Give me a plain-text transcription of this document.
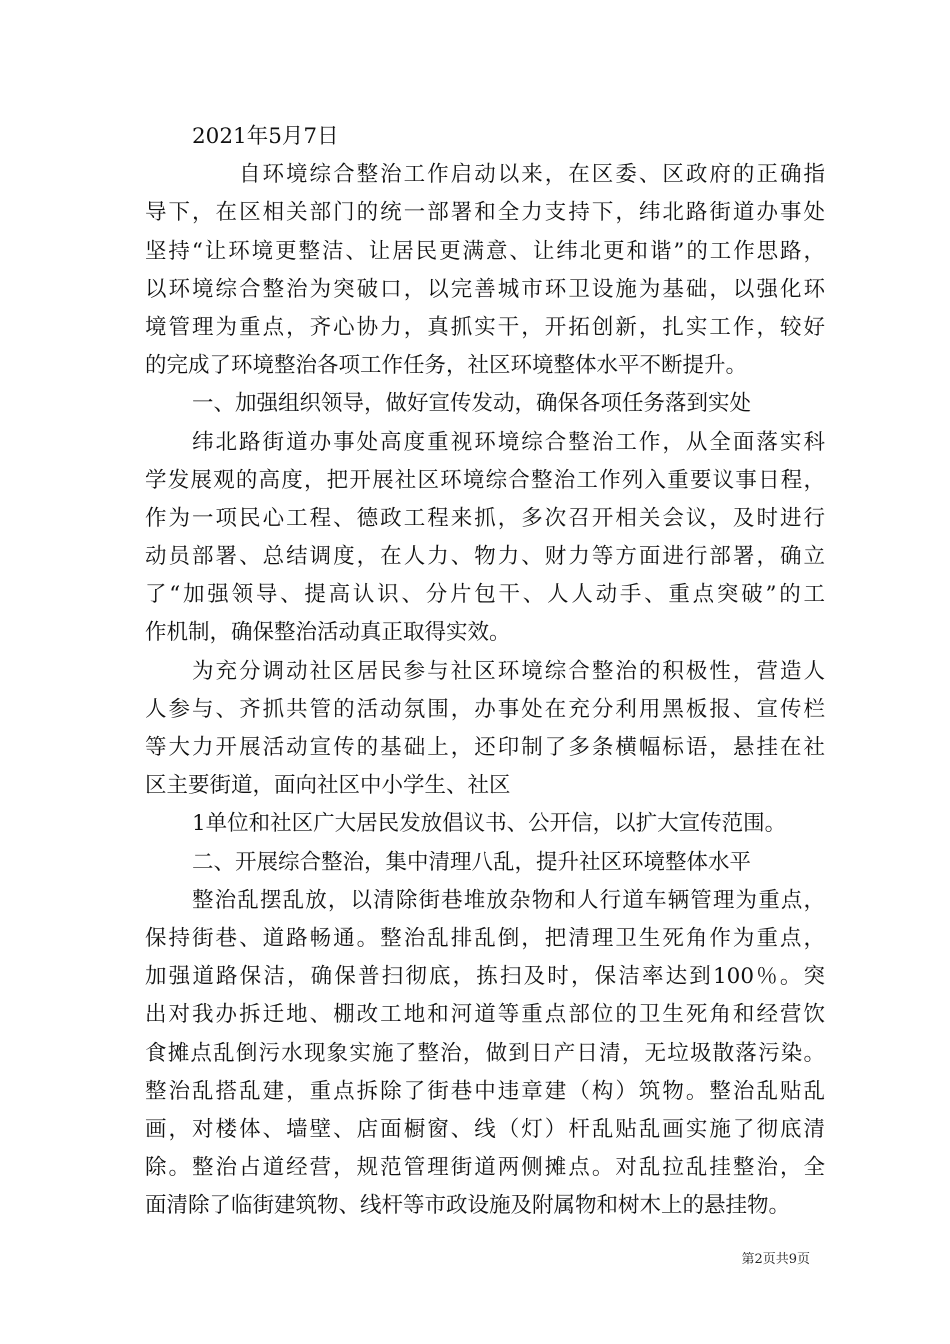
2021年5月7日
自环境综合整治工作启动以来，在区委、区政府的正确指
导下，在区相关部门的统一部署和全力支持下，纬北路街道办事处
坚持“让环境更整洁、让居民更满意、让纬北更和谐”的工作思路，
以环境综合整治为突破口，以完善城市环卫设施为基础，以强化环
境管理为重点，齐心协力，真抓实干，开拓创新，扎实工作，较好
的完成了环境整治各项工作任务，社区环境整体水平不断提升。
一、加强组织领导，做好宣传发动，确保各项任务落到实处
纬北路街道办事处高度重视环境综合整治工作，从全面落实科
学发展观的高度，把开展社区环境综合整治工作列入重要议事日程，
作为一项民心工程、德政工程来抓，多次召开相关会议，及时进行
动员部署、总结调度，在人力、物力、财力等方面进行部署，确立
了“加强领导、提高认识、分片包干、人人动手、重点突破”的工
作机制，确保整治活动真正取得实效。
为充分调动社区居民参与社区环境综合整治的积极性，营造人
人参与、齐抓共管的活动氛围，办事处在充分利用黑板报、宣传栏
等大力开展活动宣传的基础上，还印制了多条横幅标语，悬挂在社
区主要街道，面向社区中小学生、社区
1单位和社区广大居民发放倡议书、公开信，以扩大宣传范围。
二、开展综合整治，集中清理八乱，提升社区环境整体水平
整治乱摆乱放，以清除街巷堆放杂物和人行道车辆管理为重点，
保持街巷、道路畅通。整治乱排乱倒，把清理卫生死角作为重点，
加强道路保洁，确保普扫彻底，拣扫及时，保洁率达到100％。突
出对我办拆迁地、棚改工地和河道等重点部位的卫生死角和经营饮
食摊点乱倒污水现象实施了整治，做到日产日清，无垃圾散落污染。
整治乱搭乱建，重点拆除了街巷中违章建（构）筑物。整治乱贴乱
画，对楼体、墙壁、店面橱窗、线（灯）杆乱贴乱画实施了彻底清
除。整治占道经营，规范管理街道两侧摊点。对乱拉乱挂整治，全
面清除了临街建筑物、线杆等市政设施及附属物和树木上的悬挂物。
第2页共9页
